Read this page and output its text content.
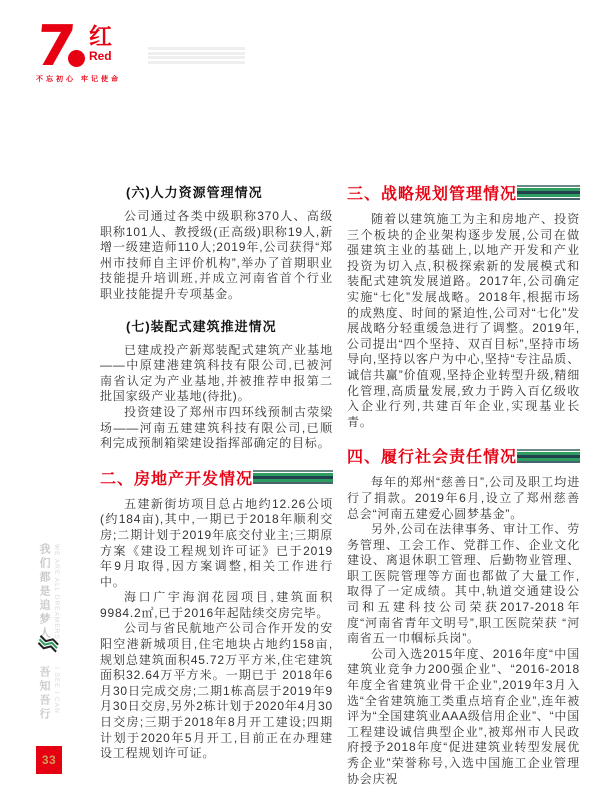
7 红
Red
不忘初心 牢记使命
(六)人力资源管理情况

公司通过各类中级职称370人、高级职称101人、教授级(正高级)职称19人,新增一级建造师110人;2019年,公司获得“郑州市技师自主评价机构”,举办了首期职业技能提升培训班,并成立河南省首个行业职业技能提升专项基金。

(七)装配式建筑推进情况

已建成投产新郑装配式建筑产业基地——中原建港建筑科技有限公司,已被河南省认定为产业基地,并被推荐申报第二批国家级产业基地(待批)。

投资建设了郑州市四环线预制古荥梁场——河南五建建筑科技有限公司,已顺利完成预制箱梁建设指挥部确定的目标。

二、房地产开发情况

五建新街坊项目总占地约12.26公顷(约184亩),其中,一期已于2018年顺利交房;二期计划于2019年底交付业主;三期原方案《建设工程规划许可证》已于2019年9月取得,因方案调整,相关工作进行中。

海口广宇海润花园项目,建筑面积9984.2㎡,已于2016年起陆续交房完毕。

公司与省民航地产公司合作开发的安阳空港新城项目,住宅地块占地约158亩,规划总建筑面积45.72万平方米,住宅建筑面积32.64万平方米。一期已于 2018年6月30日完成交房;二期1栋高层于2019年9月30日交房,另外2栋计划于2020年4月30日交房;三期于2018年8月开工建设;四期计划于2020年5月开工,目前正在办理建设工程规划许可证。

三、战略规划管理情况

随着以建筑施工为主和房地产、投资三个板块的企业架构逐步发展,公司在做强建筑主业的基础上,以地产开发和产业投资为切入点,积极探索新的发展模式和装配式建筑发展道路。2017年,公司确定实施“七化”发展战略。2018年,根据市场的成熟度、时间的紧迫性,公司对“七化”发展战略分轻重缓急进行了调整。2019年,公司提出“四个坚持、双百目标”,坚持市场导向,坚持以客户为中心,坚持“专注品质、诚信共赢”价值观,坚持企业转型升级,精细化管理,高质量发展,致力于跨入百亿级收入企业行列,共建百年企业,实现基业长青。

四、履行社会责任情况

每年的郑州“慈善日”,公司及职工均进行了捐款。2019年6月,设立了郑州慈善总会“河南五建爱心圆梦基金”。

另外,公司在法律事务、审计工作、劳务管理、工会工作、党群工作、企业文化建设、离退休职工管理、后勤物业管理、职工医院管理等方面也都做了大量工作,取得了一定成绩。其中,轨道交通建设公司和五建科技公司荣获2017-2018年度“河南省青年文明号”,职工医院荣获 “河南省五一巾帼标兵岗”。

公司入选2015年度、2016年度“中国建筑业竞争力200强企业”、“2016-2018年度全省建筑业骨干企业”,2019年3月入选“全省建筑施工类重点培育企业”,连年被评为“全国建筑业AAA级信用企业”、“中国工程建设诚信典型企业”,被郑州市人民政府授予2018年度“促进建筑业转型发展优秀企业”荣誉称号,入选中国施工企业管理协会庆祝

我们都是追梦人 WE ARE ALL DREAMERS
吾知吾行 I SEE I CAN
33
